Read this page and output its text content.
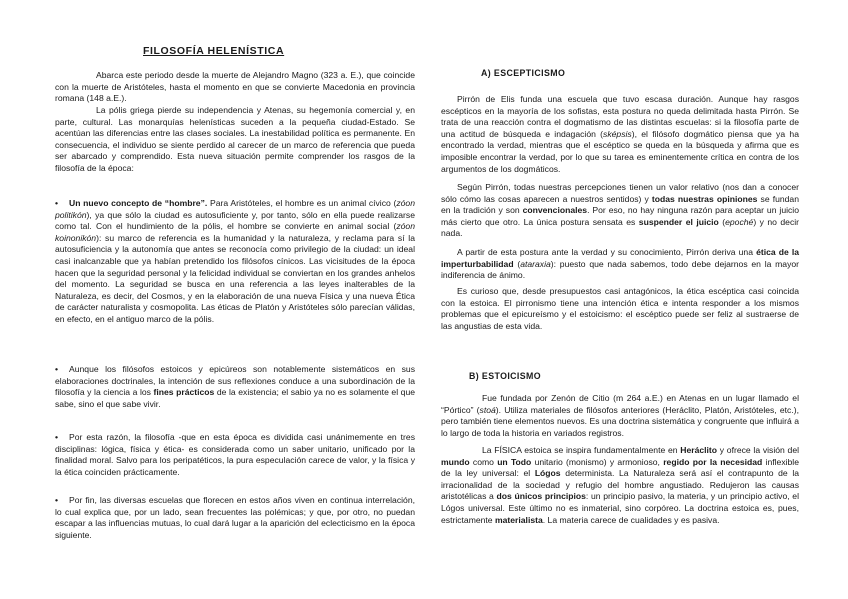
FILOSOFÍA HELENÍSTICA

Abarca este periodo desde la muerte de Alejandro Magno (323 a. E.), que coincide con la muerte de Aristóteles, hasta el momento en que se convierte Macedonia en provincia romana (148 a.E.).

La pólis griega pierde su independencia y Atenas, su hegemonía comercial y, en parte, cultural. Las monarquías helenísticas suceden a la pequeña ciudad-Estado. Se acentúan las diferencias entre las clases sociales. La inestabilidad política es permanente. En consecuencia, el individuo se siente perdido al carecer de un marco de referencia que pueda ser abarcado y comprendido. Esta nueva situación permite comprender los rasgos de la filosofía de la época:

• Un nuevo concepto de “hombre”. Para Aristóteles, el hombre es un animal cívico (zóon politikón), ya que sólo la ciudad es autosuficiente y, por tanto, sólo en ella puede realizarse como tal. Con el hundimiento de la pólis, el hombre se convierte en animal social (zóon koinonikón): su marco de referencia es la humanidad y la naturaleza, y reclama para sí la autosuficiencia y la autonomía que antes se reconocía como privilegio de la ciudad: un ideal casi inalcanzable que ya habían pretendido los filósofos cínicos. Las vicisitudes de la época hacen que la seguridad personal y la felicidad individual se conviertan en los grandes anhelos del momento. La seguridad se busca en una referencia a las leyes inalterables de la Naturaleza, es decir, del Cosmos, y en la elaboración de una nueva Física y una nueva Ética de carácter naturalista y cosmopolita. Las éticas de Platón y Aristóteles sólo parecían válidas, en efecto, en el antiguo marco de la pólis.

• Aunque los filósofos estoicos y epicúreos son notablemente sistemáticos en sus elaboraciones doctrinales, la intención de sus reflexiones conduce a una subordinación de la filosofía y la ciencia a los fines prácticos de la existencia; el sabio ya no es solamente el que sabe, sino el que sabe vivir.

• Por esta razón, la filosofía -que en esta época es dividida casi unánimemente en tres disciplinas: lógica, física y ética- es considerada como un saber unitario, unificado por la finalidad moral. Salvo para los peripatéticos, la pura especulación carece de valor, y la física y la ética coinciden prácticamente.

• Por fin, las diversas escuelas que florecen en estos años viven en continua interrelación, lo cual explica que, por un lado, sean frecuentes las polémicas; y que, por otro, no puedan escapar a las influencias mutuas, lo cual dará lugar a la aparición del eclecticismo en la época siguiente.

A) ESCEPTICISMO

Pirrón de Elis funda una escuela que tuvo escasa duración. Aunque hay rasgos escépticos en la mayoría de los sofistas, esta postura no queda delimitada hasta Pirrón. Se trata de una reacción contra el dogmatismo de las distintas escuelas: si la filosofía parte de una actitud de búsqueda e indagación (sképsis), el filósofo dogmático piensa que ya ha encontrado la verdad, mientras que el escéptico se queda en la búsqueda y afirma que es imposible encontrar la verdad, por lo que su tarea es eminentemente crítica en contra de los argumentos de los dogmáticos.

Según Pirrón, todas nuestras percepciones tienen un valor relativo (nos dan a conocer sólo cómo las cosas aparecen a nuestros sentidos) y todas nuestras opiniones se fundan en la tradición y son convencionales. Por eso, no hay ninguna razón para aceptar un juicio más cierto que otro. La única postura sensata es suspender el juicio (epoché) y no decir nada.

A partir de esta postura ante la verdad y su conocimiento, Pirrón deriva una ética de la imperturbabilidad (ataraxia): puesto que nada sabemos, todo debe dejarnos en la mayor indiferencia de ánimo.

Es curioso que, desde presupuestos casi antagónicos, la ética escéptica casi coincida con la estoica. El pirronismo tiene una intención ética e intenta responder a los mismos problemas que el epicureísmo y el estoicismo: el escéptico puede ser feliz al sustraerse de las angustias de esta vida.

B) ESTOICISMO

Fue fundada por Zenón de Citio (m 264 a.E.) en Atenas en un lugar llamado el “Pórtico” (stoá). Utiliza materiales de filósofos anteriores (Heráclito, Platón, Aristóteles, etc.), pero también tiene elementos nuevos. Es una doctrina sistemática y congruente que influirá a lo largo de toda la historia en variados registros.

La FÍSICA estoica se inspira fundamentalmente en Heráclito y ofrece la visión del mundo como un Todo unitario (monismo) y armonioso, regido por la necesidad inflexible de la ley universal: el Lógos determinista. La Naturaleza será así el contrapunto de la irracionalidad de la sociedad y refugio del hombre angustiado. Redujeron las causas aristotélicas a dos únicos principios: un principio pasivo, la materia, y un principio activo, el Lógos universal. Este último no es inmaterial, sino corpóreo. La doctrina estoica es, pues, estrictamente materialista. La materia carece de cualidades y es pasiva.
